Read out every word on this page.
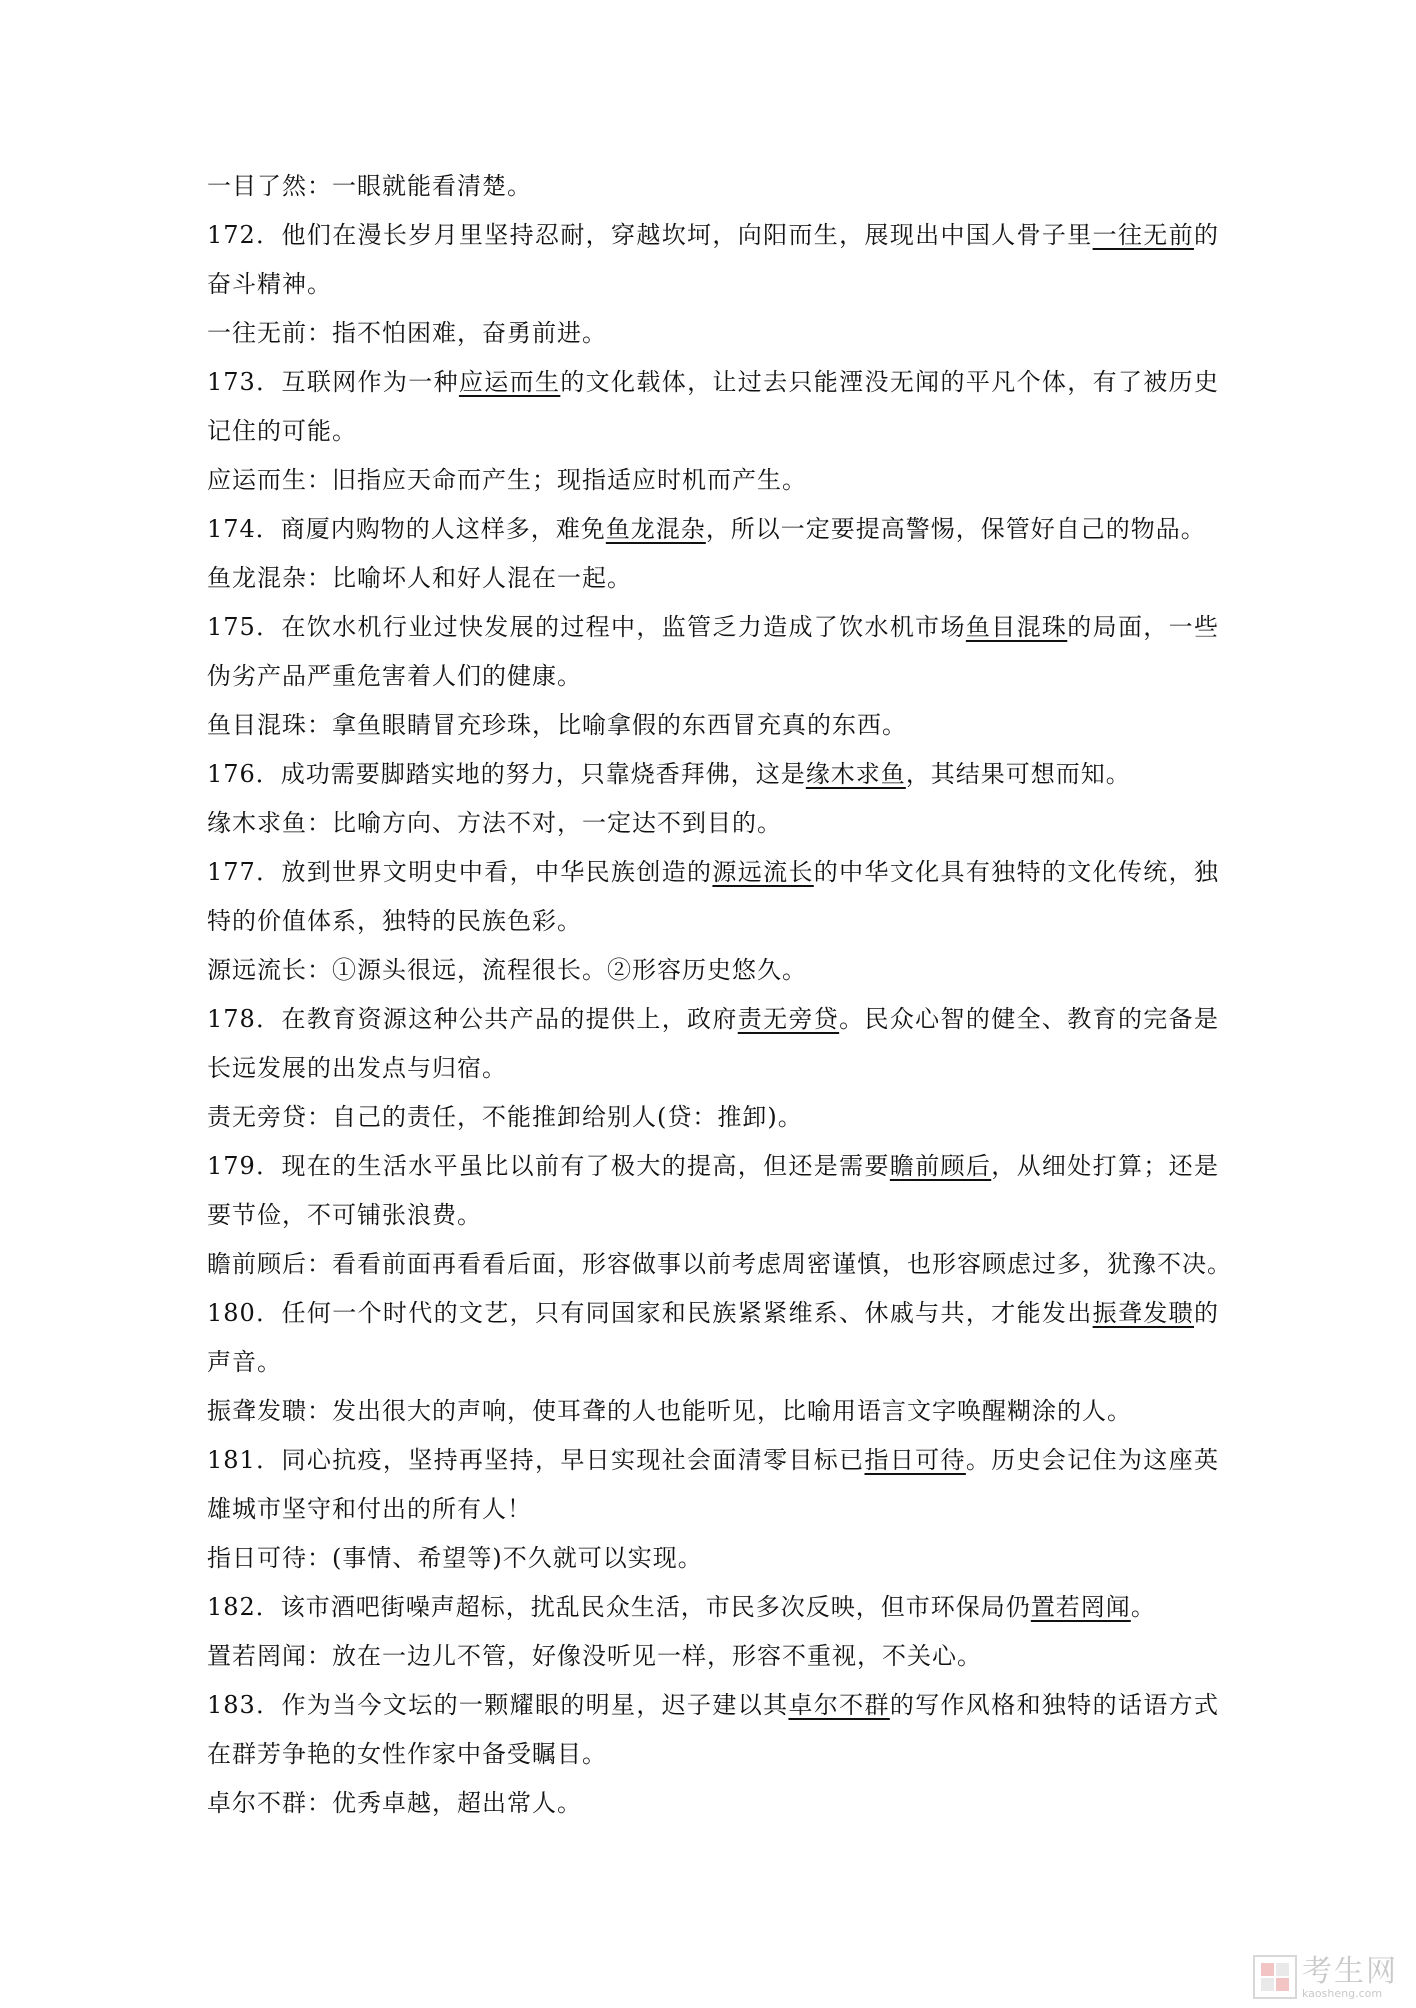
一目了然：一眼就能看清楚。
172．他们在漫长岁月里坚持忍耐，穿越坎坷，向阳而生，展现出中国人骨子里一往无前的奋斗精神。
一往无前：指不怕困难，奋勇前进。
173．互联网作为一种应运而生的文化载体，让过去只能湮没无闻的平凡个体，有了被历史记住的可能。
应运而生：旧指应天命而产生；现指适应时机而产生。
174．商厦内购物的人这样多，难免鱼龙混杂，所以一定要提高警惕，保管好自己的物品。
鱼龙混杂：比喻坏人和好人混在一起。
175．在饮水机行业过快发展的过程中，监管乏力造成了饮水机市场鱼目混珠的局面，一些伪劣产品严重危害着人们的健康。
鱼目混珠：拿鱼眼睛冒充珍珠，比喻拿假的东西冒充真的东西。
176．成功需要脚踏实地的努力，只靠烧香拜佛，这是缘木求鱼，其结果可想而知。
缘木求鱼：比喻方向、方法不对，一定达不到目的。
177．放到世界文明史中看，中华民族创造的源远流长的中华文化具有独特的文化传统，独特的价值体系，独特的民族色彩。
源远流长：①源头很远，流程很长。②形容历史悠久。
178．在教育资源这种公共产品的提供上，政府责无旁贷。民众心智的健全、教育的完备是长远发展的出发点与归宿。
责无旁贷：自己的责任，不能推卸给别人(贷：推卸)。
179．现在的生活水平虽比以前有了极大的提高，但还是需要瞻前顾后，从细处打算；还是要节俭，不可铺张浪费。
瞻前顾后：看看前面再看看后面，形容做事以前考虑周密谨慎，也形容顾虑过多，犹豫不决。
180．任何一个时代的文艺，只有同国家和民族紧紧维系、休戚与共，才能发出振聋发聩的声音。
振聋发聩：发出很大的声响，使耳聋的人也能听见，比喻用语言文字唤醒糊涂的人。
181．同心抗疫，坚持再坚持，早日实现社会面清零目标已指日可待。历史会记住为这座英雄城市坚守和付出的所有人！
指日可待：(事情、希望等)不久就可以实现。
182．该市酒吧街噪声超标，扰乱民众生活，市民多次反映，但市环保局仍置若罔闻。
置若罔闻：放在一边儿不管，好像没听见一样，形容不重视，不关心。
183．作为当今文坛的一颗耀眼的明星，迟子建以其卓尔不群的写作风格和独特的话语方式在群芳争艳的女性作家中备受瞩目。
卓尔不群：优秀卓越，超出常人。
考生网
kaosheng.com
